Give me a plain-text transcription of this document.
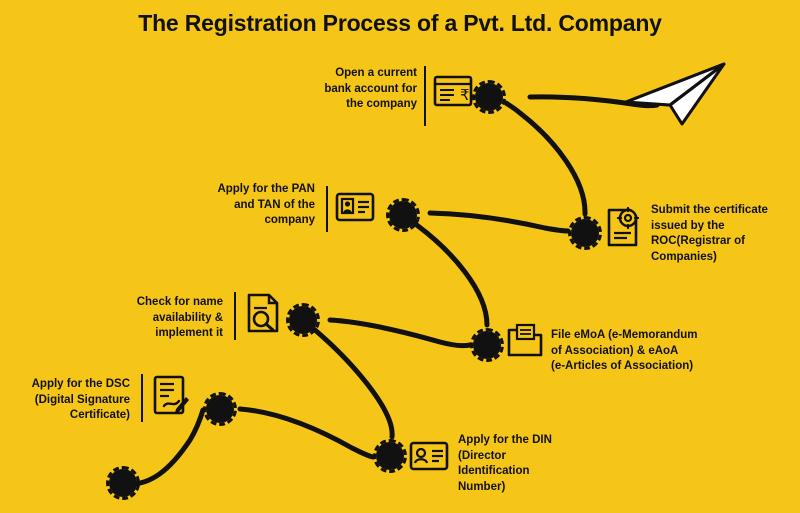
The Registration Process of a Pvt. Ltd. Company
Apply for the DSC
(Digital Signature
Certificate)
Apply for the DIN
(Director
Identification
Number)
Check for name
availability &
implement it	File eMoA (e-Memorandum
of Association) & eAoA
(e-Articles of Association)
Apply for the PAN
and TAN of the
company
Submit the certificate
issued by the
ROC(Registrar of
Companies)
Open a current
bank account for
the company
₹
